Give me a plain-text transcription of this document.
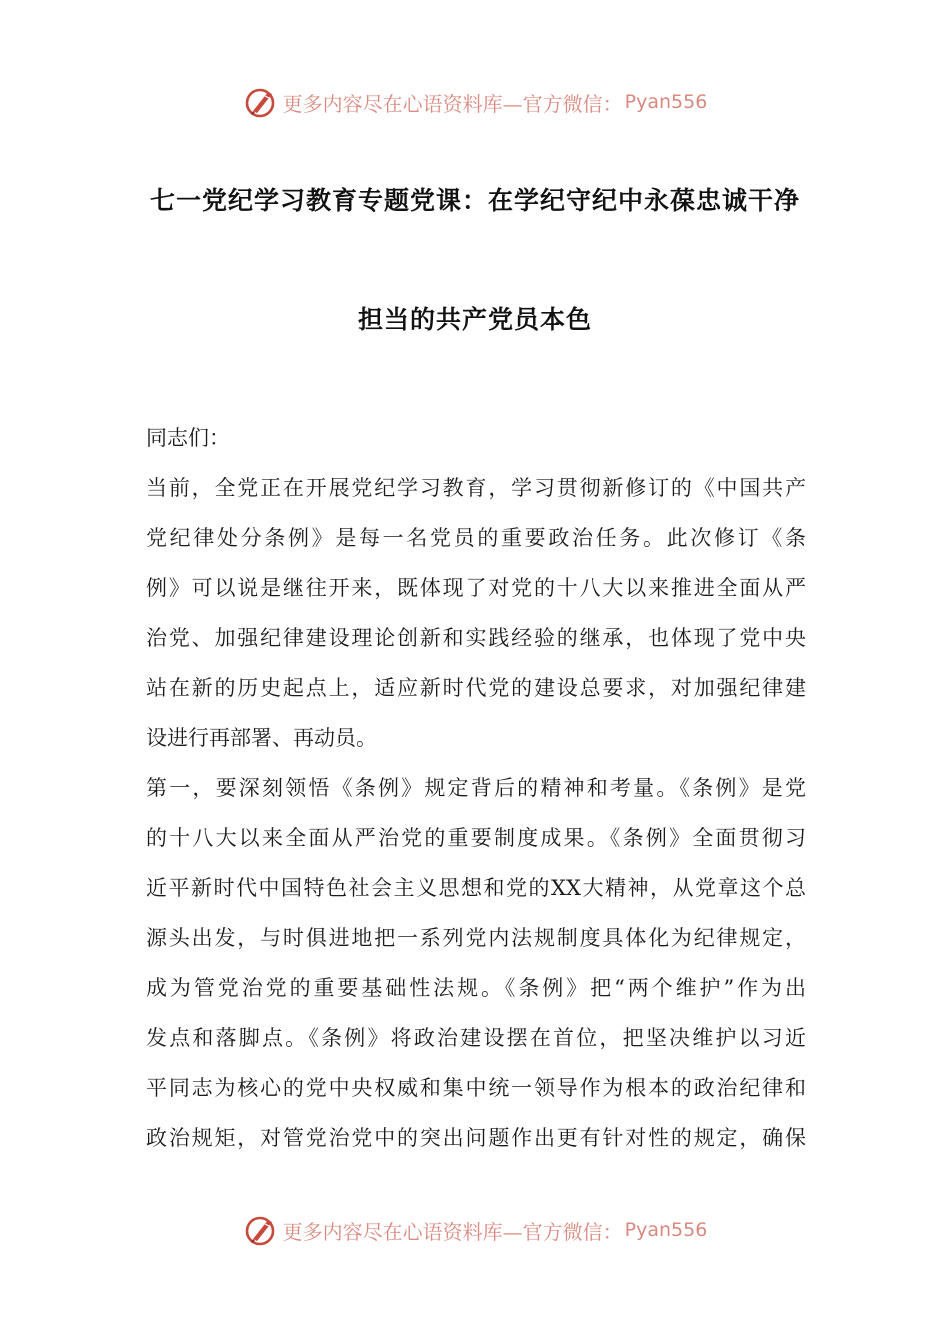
更多内容尽在心语资料库—官方微信： Pyan556
七一党纪学习教育专题党课：在学纪守纪中永葆忠诚干净
担当的共产党员本色
同志们：
当前，全党正在开展党纪学习教育，学习贯彻新修订的《中国共产
党纪律处分条例》是每一名党员的重要政治任务。此次修订《条
例》可以说是继往开来，既体现了对党的十八大以来推进全面从严
治党、加强纪律建设理论创新和实践经验的继承，也体现了党中央
站在新的历史起点上，适应新时代党的建设总要求，对加强纪律建
设进行再部署、再动员。
第一，要深刻领悟《条例》规定背后的精神和考量。《条例》是党
的十八大以来全面从严治党的重要制度成果。《条例》全面贯彻习
近平新时代中国特色社会主义思想和党的XX大精神，从党章这个总
源头出发，与时俱进地把一系列党内法规制度具体化为纪律规定，
成为管党治党的重要基础性法规。《条例》把“两个维护”作为出
发点和落脚点。《条例》将政治建设摆在首位，把坚决维护以习近
平同志为核心的党中央权威和集中统一领导作为根本的政治纪律和
政治规矩，对管党治党中的突出问题作出更有针对性的规定，确保
更多内容尽在心语资料库—官方微信： Pyan556
